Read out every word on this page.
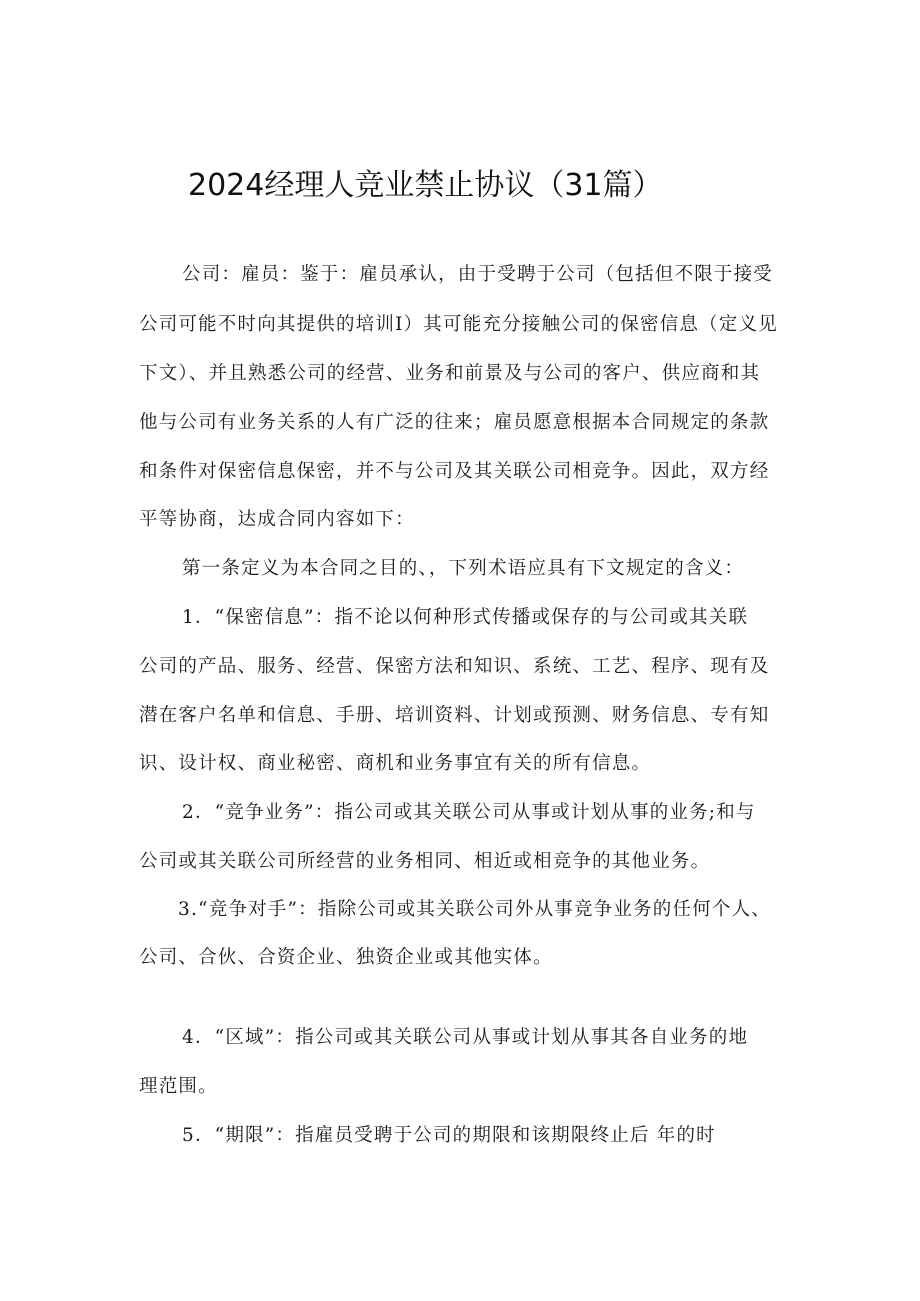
2024经理人竞业禁止协议（31篇）
公司：雇员：鉴于：雇员承认，由于受聘于公司（包括但不限于接受
公司可能不时向其提供的培训I）其可能充分接触公司的保密信息（定义见
下文）、并且熟悉公司的经营、业务和前景及与公司的客户、供应商和其
他与公司有业务关系的人有广泛的往来；雇员愿意根据本合同规定的条款
和条件对保密信息保密，并不与公司及其关联公司相竞争。因此，双方经
平等协商，达成合同内容如下：
第一条定义为本合同之目的、，下列术语应具有下文规定的含义：
1．“保密信息”：指不论以何种形式传播或保存的与公司或其关联
公司的产品、服务、经营、保密方法和知识、系统、工艺、程序、现有及
潜在客户名单和信息、手册、培训资料、计划或预测、财务信息、专有知
识、设计权、商业秘密、商机和业务事宜有关的所有信息。
2．“竞争业务”：指公司或其关联公司从事或计划从事的业务;和与
公司或其关联公司所经营的业务相同、相近或相竞争的其他业务。
3.“竞争对手”：指除公司或其关联公司外从事竞争业务的任何个人、
公司、合伙、合资企业、独资企业或其他实体。
4．“区域”：指公司或其关联公司从事或计划从事其各自业务的地
理范围。
5．“期限”：指雇员受聘于公司的期限和该期限终止后 年的时
